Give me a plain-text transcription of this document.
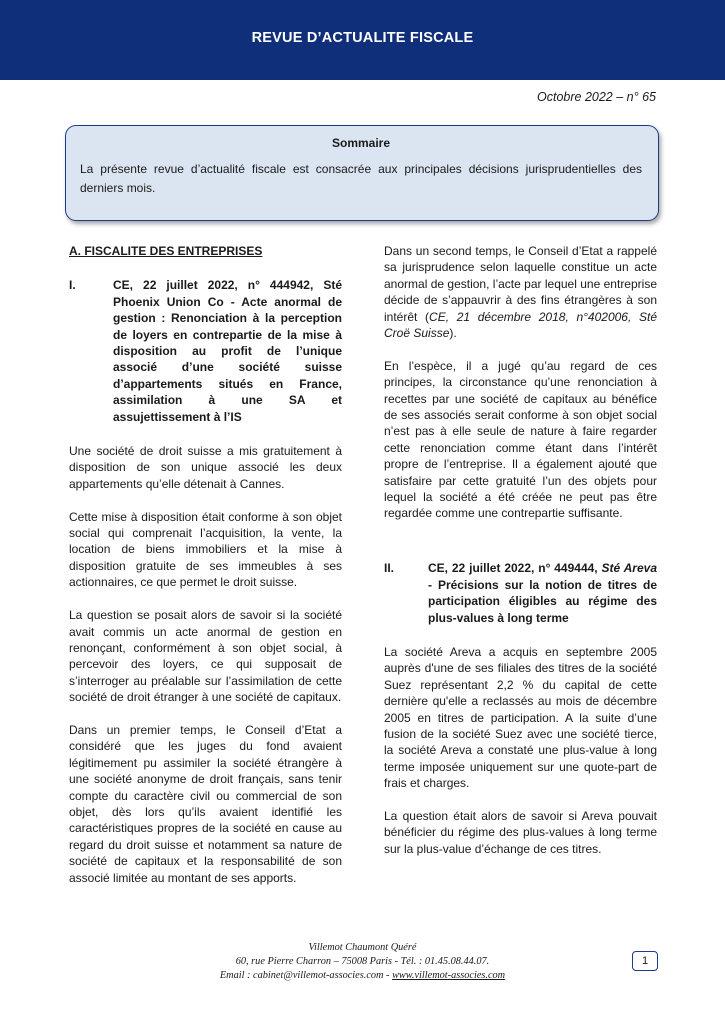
REVUE D’ACTUALITE FISCALE
Octobre 2022 – n° 65
Sommaire
La présente revue d’actualité fiscale est consacrée aux principales décisions jurisprudentielles des derniers mois.
A. FISCALITE DES ENTREPRISES
I.	CE, 22 juillet 2022, n° 444942, Sté Phoenix Union Co - Acte anormal de gestion : Renonciation à la perception de loyers en contrepartie de la mise à disposition au profit de l’unique associé d’une société suisse d’appartements situés en France, assimilation à une SA et assujettissement à l’IS

Une société de droit suisse a mis gratuitement à disposition de son unique associé les deux appartements qu’elle détenait à Cannes.

Cette mise à disposition était conforme à son objet social qui comprenait l’acquisition, la vente, la location de biens immobiliers et la mise à disposition gratuite de ses immeubles à ses actionnaires, ce que permet le droit suisse.

La question se posait alors de savoir si la société avait commis un acte anormal de gestion en renonçant, conformément à son objet social, à percevoir des loyers, ce qui supposait de s’interroger au préalable sur l’assimilation de cette société de droit étranger à une société de capitaux.

Dans un premier temps, le Conseil d’Etat a considéré que les juges du fond avaient légitimement pu assimiler la société étrangère à une société anonyme de droit français, sans tenir compte du caractère civil ou commercial de son objet, dès lors qu’ils avaient identifié les caractéristiques propres de la société en cause au regard du droit suisse et notamment sa nature de société de capitaux et la responsabilité de son associé limitée au montant de ses apports.

Dans un second temps, le Conseil d’Etat a rappelé sa jurisprudence selon laquelle constitue un acte anormal de gestion, l’acte par lequel une entreprise décide de s’appauvrir à des fins étrangères à son intérêt (CE, 21 décembre 2018, n°402006, Sté Croë Suisse).

En l’espèce, il a jugé qu’au regard de ces principes, la circonstance qu’une renonciation à recettes par une société de capitaux au bénéfice de ses associés serait conforme à son objet social n’est pas à elle seule de nature à faire regarder cette renonciation comme étant dans l’intérêt propre de l’entreprise. Il a également ajouté que satisfaire par cette gratuité l’un des objets pour lequel la société a été créée ne peut pas être regardée comme une contrepartie suffisante.

II.	CE, 22 juillet 2022, n° 449444, Sté Areva - Précisions sur la notion de titres de participation éligibles au régime des plus-values à long terme

La société Areva a acquis en septembre 2005 auprès d'une de ses filiales des titres de la société Suez représentant 2,2 % du capital de cette dernière qu'elle a reclassés au mois de décembre 2005 en titres de participation. A la suite d’une fusion de la société Suez avec une société tierce, la société Areva a constaté une plus-value à long terme imposée uniquement sur une quote-part de frais et charges.

La question était alors de savoir si Areva pouvait bénéficier du régime des plus-values à long terme sur la plus-value d’échange de ces titres.

Villemot Chaumont Quéré
60, rue Pierre Charron – 75008 Paris - Tél. : 01.45.08.44.07.
Email : cabinet@villemot-associes.com - www.villemot-associes.com
1
